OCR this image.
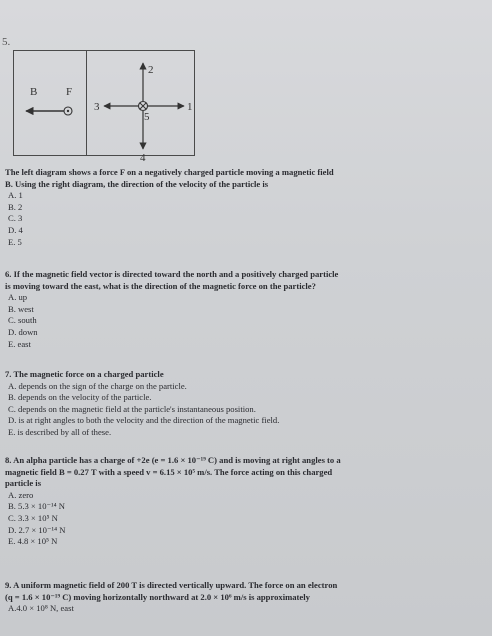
5.
B	F
1
2
3
4
5
The left diagram shows a force F on a negatively charged particle moving a magnetic field
B. Using the right diagram, the direction of the velocity of the particle is
A. 1
B. 2
C. 3
D. 4
E. 5
6. If the magnetic field vector is directed toward the north and a positively charged particle
is moving toward the east, what is the direction of the magnetic force on the particle?
A. up
B. west
C. south
D. down
E. east
7. The magnetic force on a charged particle
A. depends on the sign of the charge on the particle.
B. depends on the velocity of the particle.
C. depends on the magnetic field at the particle's instantaneous position.
D. is at right angles to both the velocity and the direction of the magnetic field.
E. is described by all of these.
8. An alpha particle has a charge of +2e (e = 1.6 × 10⁻¹⁹ C) and is moving at right angles to a
magnetic field B = 0.27 T with a speed v = 6.15 × 10⁵ m/s. The force acting on this charged
particle is
A. zero
B. 5.3 × 10⁻¹⁴ N
C. 3.3 × 10⁵ N
D. 2.7 × 10⁻¹⁴ N
E. 4.8 × 10⁵ N
9. A uniform magnetic field of 200 T is directed vertically upward. The force on an electron
(q = 1.6 × 10⁻¹⁹ C) moving horizontally northward at 2.0 × 10⁶ m/s is approximately
A.4.0 × 10⁸ N, east
